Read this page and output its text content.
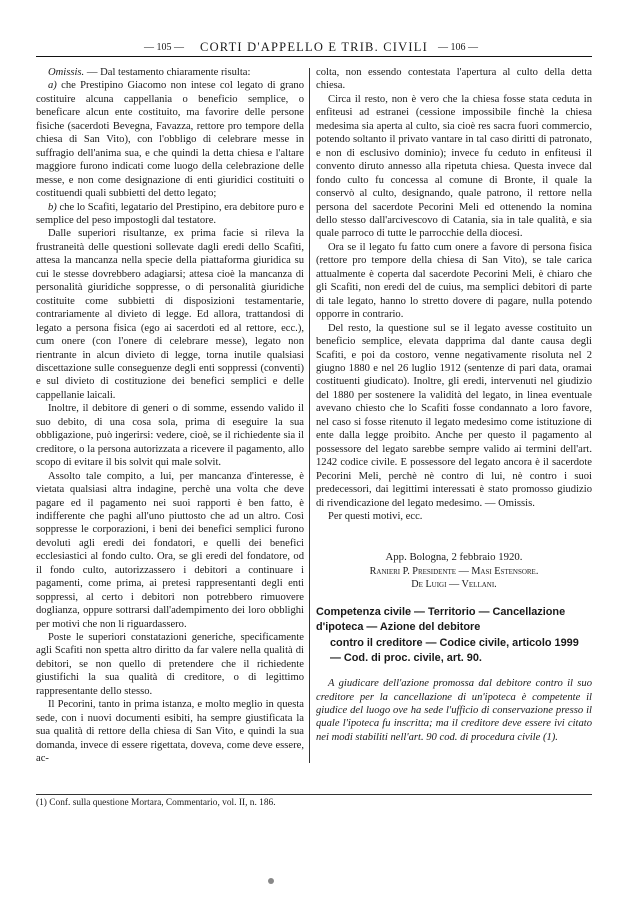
— 105 —	CORTI D'APPELLO E TRIB. CIVILI	— 106 —

Omissis. — Dal testamento chiaramente risulta:

a) che Prestipino Giacomo non intese col legato di grano costituire alcuna cappellania o beneficio semplice, o beneficare alcun ente costituito, ma favorire delle persone fisiche (sacerdoti Bevegna, Favazza, rettore pro tempore della chiesa di San Vito), con l'obbligo di celebrare messe in suffragio dell'anima sua, e che quindi la detta chiesa e l'altare maggiore furono indicati come luogo della celebrazione delle messe, e non come designazione di enti giuridici costituiti o costituendi quali subbietti del detto legato;

b) che lo Scafiti, legatario del Prestipino, era debitore puro e semplice del peso impostogli dal testatore.

Dalle superiori risultanze, ex prima facie si rileva la frustraneità delle questioni sollevate dagli eredi dello Scafiti, attesa la mancanza nella specie della piattaforma giuridica su cui le stesse dovrebbero adagiarsi; attesa cioè la mancanza di personalità giuridiche soppresse, o di personalità giuridiche costituite come subbietti di disposizioni testamentarie, contrariamente al divieto di legge. Ed allora, trattandosi di legato a persona fisica (ego ai sacerdoti ed al rettore, ecc.), cum onere (con l'onere di celebrare messe), legato non rientrante in alcun divieto di legge, torna inutile qualsiasi discettazione sulle conseguenze degli enti soppressi (conventi) e sul divieto di costituzione dei benefici semplici e delle cappellanie laicali.

Inoltre, il debitore di generi o di somme, essendo valido il suo debito, di una cosa sola, prima di eseguire la sua obbligazione, può ingerirsi: vedere, cioè, se il richiedente sia il creditore, o la persona autorizzata a ricevere il pagamento, allo scopo di evitare il bis solvit qui male solvit.

Assolto tale compito, a lui, per mancanza d'interesse, è vietata qualsiasi altra indagine, perchè una volta che deve pagare ed il pagamento nei suoi rapporti è ben fatto, è indifferente che paghi all'uno piuttosto che ad un altro. Così soppresse le corporazioni, i beni dei benefici semplici furono devoluti agli eredi dei fondatori, e quelli dei benefici ecclesiastici al fondo culto. Ora, se gli eredi del fondatore, od il fondo culto, autorizzassero i debitori a continuare i pagamenti, come prima, ai pretesi rappresentanti degli enti soppressi, al certo i debitori non potrebbero rimuovere doglianza, oppure sottrarsi dall'adempimento dei loro obblighi per motivi che non li riguardassero.

Poste le superiori constatazioni generiche, specificamente agli Scafiti non spetta altro diritto da far valere nella qualità di debitori, se non quello di pretendere che il richiedente giustifichi la sua qualità di creditore, o di legittimo rappresentante dello stesso.

Il Pecorini, tanto in prima istanza, e molto meglio in questa sede, con i nuovi documenti esibiti, ha sempre giustificata la sua qualità di rettore della chiesa di San Vito, e quindi la sua domanda, invece di essere rigettata, doveva, come deve essere, ac-

colta, non essendo contestata l'apertura al culto della detta chiesa.

Circa il resto, non è vero che la chiesa fosse stata ceduta in enfiteusi ad estranei (cessione impossibile finchè la chiesa medesima sia aperta al culto, sia cioè res sacra fuori commercio, potendo soltanto il privato vantare in tal caso diritti di patronato, e non di esclusivo dominio); invece fu ceduto in enfiteusi il convento diruto annesso alla ripetuta chiesa. Questa invece dal fondo culto fu concessa al comune di Bronte, il quale la conservò al culto, designando, quale patrono, il rettore nella persona del sacerdote Pecorini Meli ed ottenendo la nomina dello stesso dall'arcivescovo di Catania, sia in tale qualità, e sia quale parroco di tutte le parrocchie della diocesi.

Ora se il legato fu fatto cum onere a favore di persona fisica (rettore pro tempore della chiesa di San Vito), se tale carica attualmente è coperta dal sacerdote Pecorini Meli, è chiaro che gli Scafiti, non eredi del de cuius, ma semplici debitori di parte di tale legato, hanno lo stretto dovere di pagare, nulla potendo opporre in contrario.

Del resto, la questione sul se il legato avesse costituito un beneficio semplice, elevata dapprima dal dante causa degli Scafiti, e poi da costoro, venne negativamente risoluta nel 2 giugno 1880 e nel 26 luglio 1912 (sentenze di pari data, oramai costituenti giudicato). Inoltre, gli eredi, intervenuti nel giudizio del 1880 per sostenere la validità del legato, in linea eventuale avevano chiesto che lo Scafiti fosse condannato a loro favore, nel caso si fosse ritenuto il legato medesimo come istituzione di ente dalla legge proibito. Anche per questo il pagamento al possessore del legato sarebbe sempre valido ai termini dell'art. 1242 codice civile. E possessore del legato ancora è il sacerdote Pecorini Meli, perchè nè contro di lui, nè contro i suoi predecessori, dai legittimi interessati è stato promosso giudizio di rivendicazione del legato medesimo. — Omissis.

Per questi motivi, ecc.

App. Bologna, 2 febbraio 1920.

Ranieri P. Presidente — Masi Estensore.

De Luigi — Vellani.

Competenza civile — Territorio — Cancellazione d'ipoteca — Azione del debitore
contro il creditore — Codice civile, articolo 1999 — Cod. di proc. civile, art. 90.

A giudicare dell'azione promossa dal debitore contro il suo creditore per la cancellazione di un'ipoteca è competente il giudice del luogo ove ha sede l'ufficio di conservazione presso il quale l'ipoteca fu inscritta; ma il creditore deve essere ivi citato nei modi stabiliti nell'art. 90 cod. di procedura civile (1).

(1) Conf. sulla questione Mortara, Commentario, vol. II, n. 186.
